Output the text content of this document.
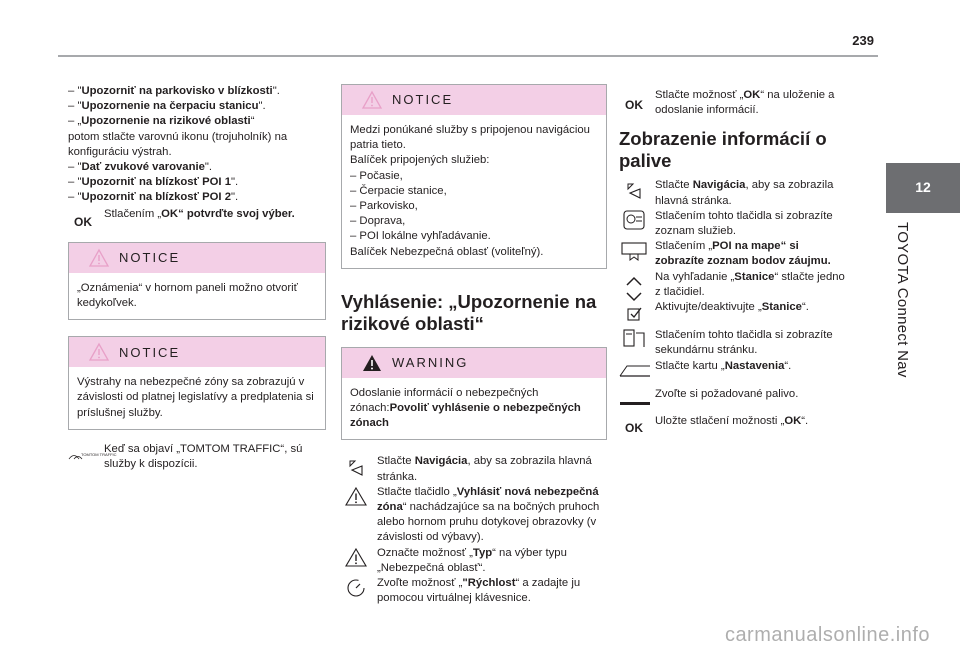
239
12
TOYOTA Connect Nav

– "Upozorniť na parkovisko v blízkosti".

– "Upozornenie na čerpaciu stanicu".

– „Upozornenie na rizikové oblasti“

potom stlačte varovnú ikonu (trojuholník) na konfiguráciu výstrah.

– "Dať zvukové varovanie".

– "Upozorniť na blízkosť POI 1".

– "Upozorniť na blízkosť POI 2".

OK

Stlačením „OK“ potvrďte svoj výber.

NOTICE

„Oznámenia“ v hornom paneli možno otvoriť kedykoľvek.

NOTICE

Výstrahy na nebezpečné zóny sa zobrazujú v závislosti od platnej legislatívy a predplatenia si príslušnej služby.

TOMTOM TRAFFIC

Keď sa objaví „TOMTOM TRAFFIC“, sú služby k dispozícii.

NOTICE

Medzi ponúkané služby s pripojenou navigáciou patria tieto.

Balíček pripojených služieb:

– Počasie,

– Čerpacie stanice,

– Parkovisko,

– Doprava,

– POI lokálne vyhľadávanie.

Balíček Nebezpečná oblasť (voliteľný).

Vyhlásenie: „Upozornenie na rizikové oblasti“
WARNING

Odoslanie informácií o nebezpečných zónach:Povoliť vyhlásenie o nebezpečných zónach

Stlačte Navigácia, aby sa zobrazila hlavná stránka.

Stlačte tlačidlo „Vyhlásiť nová nebezpečná zóna“ nachádzajúce sa na bočných pruhoch alebo hornom pruhu dotykovej obrazovky (v závislosti od výbavy).

Označte možnosť „Typ“ na výber typu „Nebezpečná oblasť“.

Zvoľte možnosť „"Rýchlost“ a zadajte ju pomocou virtuálnej klávesnice.

OK

Stlačte možnosť „OK“ na uloženie a odoslanie informácií.

Zobrazenie informácií o palive

Stlačte Navigácia, aby sa zobrazila hlavná stránka.

Stlačením tohto tlačidla si zobrazíte zoznam služieb.

Stlačením „POI na mape“ si zobrazíte zoznam bodov záujmu.

Na vyhľadanie „Stanice“ stlačte jedno z tlačidiel.

Aktivujte/deaktivujte „Stanice“.

Stlačením tohto tlačidla si zobrazíte sekundárnu stránku.

Stlačte kartu „Nastavenia“.

Zvoľte si požadované palivo.

OK

Uložte stlačení možnosti „OK“.

carmanualsonline.info
